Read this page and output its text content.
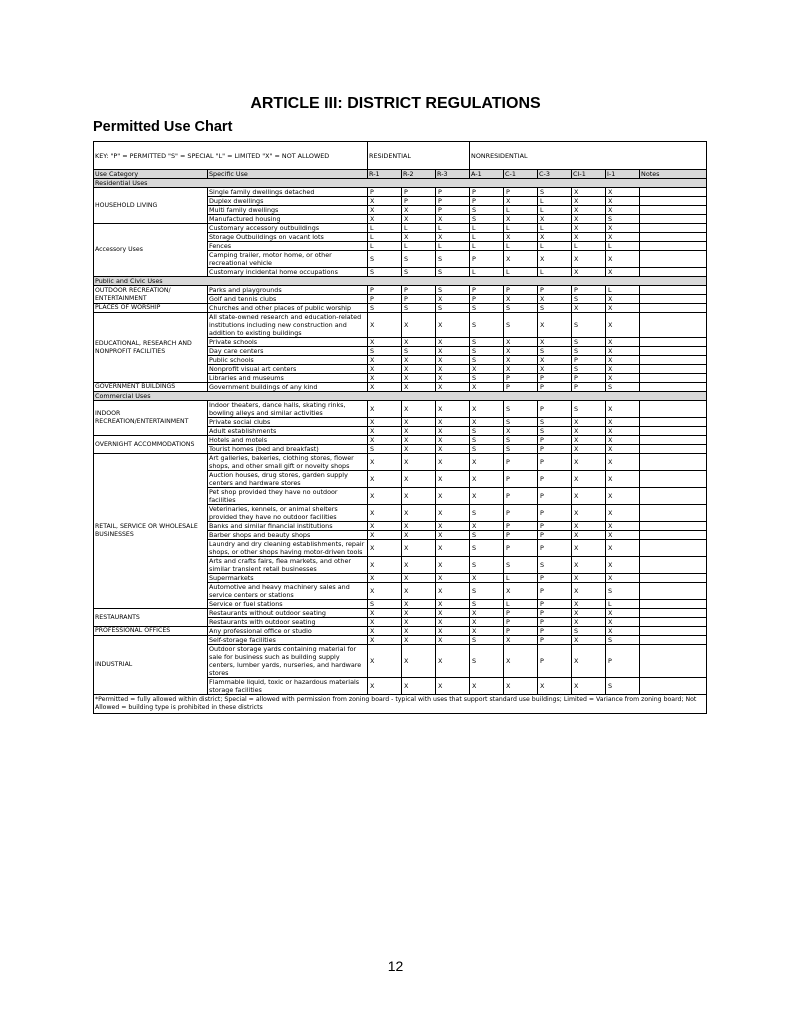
ARTICLE III: DISTRICT REGULATIONS
Permitted Use Chart
KEY: "P" = PERMITTED "S" = SPECIAL "L" = LIMITED "X" = NOT ALLOWED		RESIDENTIAL			NONRESIDENTIAL					
Use Category	Specific Use	R-1	R-2	R-3	A-1	C-1	C-3	CI-1	I-1	Notes
Residential Uses										
HOUSEHOLD LIVING	Single family dwellings detached	P	P	P	P	P	S	X	X	
	Duplex dwellings	X	P	P	P	X	L	X	X	
	Multi family dwellings	X	X	P	S	L	L	X	X	
	Manufactured housing	X	X	X	S	X	X	X	S	
Accessory Uses	Customary accessory outbuildings	L	L	L	L	L	L	X	X	
	Storage Outbuildings on vacant lots	L	X	X	L	X	X	X	X	
	Fences	L	L	L	L	L	L	L	L	
	Camping trailer, motor home, or other recreational vehicle	S	S	S	P	X	X	X	X	
	Customary incidental home occupations	S	S	S	L	L	L	X	X	
Public and Civic Uses										
OUTDOOR RECREATION/ ENTERTAINMENT	Parks and playgrounds	P	P	S	P	P	P	P	L	
	Golf and tennis clubs	P	P	X	P	X	X	S	X	
PLACES OF WORSHIP	Churches and other places of public worship	S	S	S	S	S	S	X	X	
EDUCATIONAL, RESEARCH AND NONPROFIT FACILITIES	All state-owned research and education-related institutions including new construction and addition to existing buildings	X	X	X	S	S	X	S	X	
	Private schools	X	X	X	S	X	X	S	X	
	Day care centers	S	S	X	S	X	S	S	X	
	Public schools	X	X	X	S	X	X	P	X	
	Nonprofit visual art centers	X	X	X	X	X	X	S	X	
	Libraries and museums	X	X	X	S	P	P	P	X	
GOVERNMENT BUILDINGS	Government buildings of any kind	X	X	X	X	P	P	P	S	
Commercial Uses										
INDOOR RECREATION/ENTERTAINMENT	Indoor theaters, dance halls, skating rinks, bowling alleys and similar activities	X	X	X	X	S	P	S	X	
	Private social clubs	X	X	X	X	S	S	X	X	
	Adult establishments	X	X	X	S	X	S	X	X	
OVERNIGHT ACCOMMODATIONS	Hotels and motels	X	X	X	S	S	P	X	X	
	Tourist homes (bed and breakfast)	S	X	X	S	S	P	X	X	
RETAIL, SERVICE OR WHOLESALE BUSINESSES	Art galleries, bakeries, clothing stores, flower shops, and other small gift or novelty shops	X	X	X	X	P	P	X	X	
	Auction houses, drug stores, garden supply centers and hardware stores	X	X	X	X	P	P	X	X	
	Pet shop provided they have no outdoor facilities	X	X	X	X	P	P	X	X	
	Veterinaries, kennels, or animal shelters provided they have no outdoor facilities	X	X	X	S	P	P	X	X	
	Banks and similar financial institutions	X	X	X	X	P	P	X	X	
	Barber shops and beauty shops	X	X	X	S	P	P	X	X	
	Laundry and dry cleaning establishments, repair shops, or other shops having motor-driven tools	X	X	X	S	P	P	X	X	
	Arts and crafts fairs, flea markets, and other similar transient retail businesses	X	X	X	S	S	S	X	X	
	Supermarkets	X	X	X	X	L	P	X	X	
	Automotive and heavy machinery sales and service centers or stations	X	X	X	S	X	P	X	S	
	Service or fuel stations	S	X	X	S	L	P	X	L	
RESTAURANTS	Restaurants without outdoor seating	X	X	X	X	P	P	X	X	
	Restaurants with outdoor seating	X	X	X	X	P	P	X	X	
PROFESSIONAL OFFICES	Any professional office or studio	X	X	X	X	P	P	S	X	
INDUSTRIAL	Self-storage facilities	X	X	X	S	X	P	X	S	
	Outdoor storage yards containing material for sale for business such as building supply centers, lumber yards, nurseries, and hardware stores	X	X	X	S	X	P	X	P	
	Flammable liquid, toxic or hazardous materials storage facilities	X	X	X	X	X	X	X	S	
*Permitted = fully allowed within district; Special = allowed with permission from zoning board - typical with uses that support standard use buildings; Limited = Variance from zoning board; Not Allowed = building type is prohibited in these districts										
12
